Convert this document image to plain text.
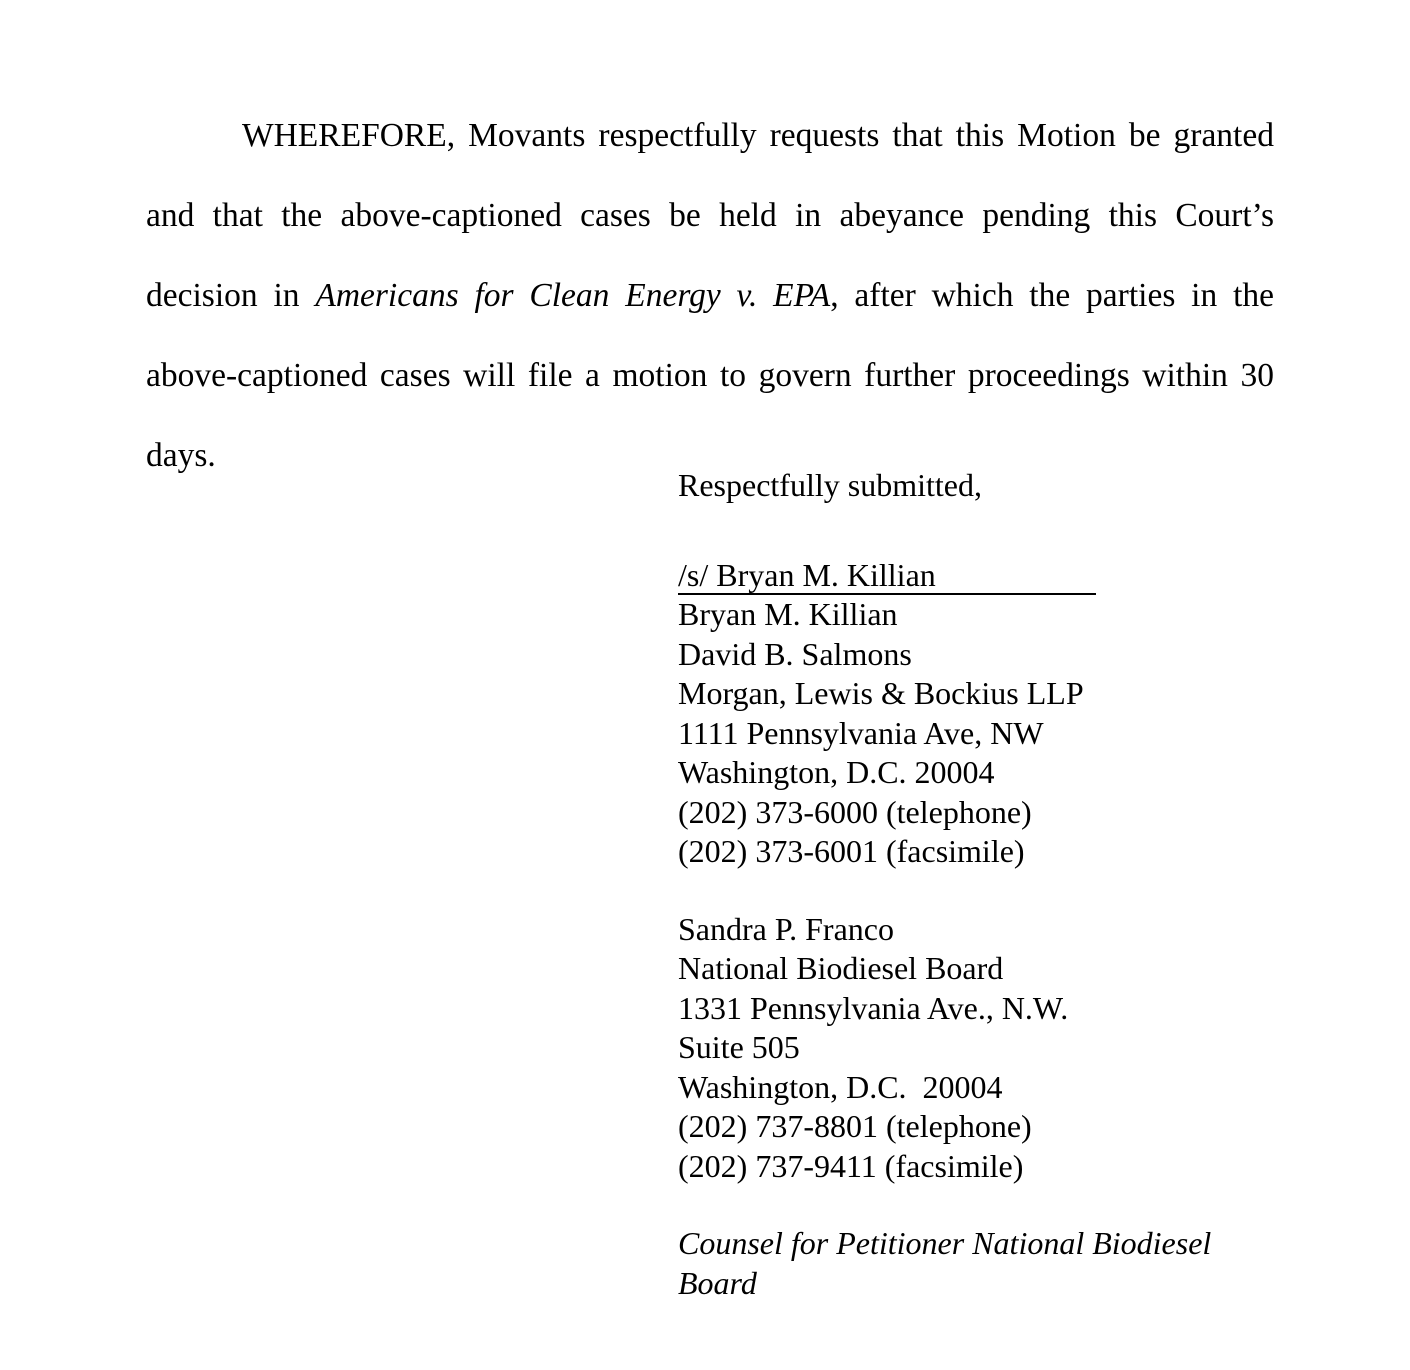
WHEREFORE, Movants respectfully requests that this Motion be granted and that the above-captioned cases be held in abeyance pending this Court’s decision in Americans for Clean Energy v. EPA, after which the parties in the above-captioned cases will file a motion to govern further proceedings within 30 days.

Respectfully submitted,
/s/ Bryan M. Killian
Bryan M. Killian
David B. Salmons
Morgan, Lewis & Bockius LLP
1111 Pennsylvania Ave, NW
Washington, D.C. 20004
(202) 373-6000 (telephone)
(202) 373-6001 (facsimile)
Sandra P. Franco
National Biodiesel Board
1331 Pennsylvania Ave., N.W.
Suite 505
Washington, D.C.  20004
(202) 737-8801 (telephone)
(202) 737-9411 (facsimile)
Counsel for Petitioner National Biodiesel Board
